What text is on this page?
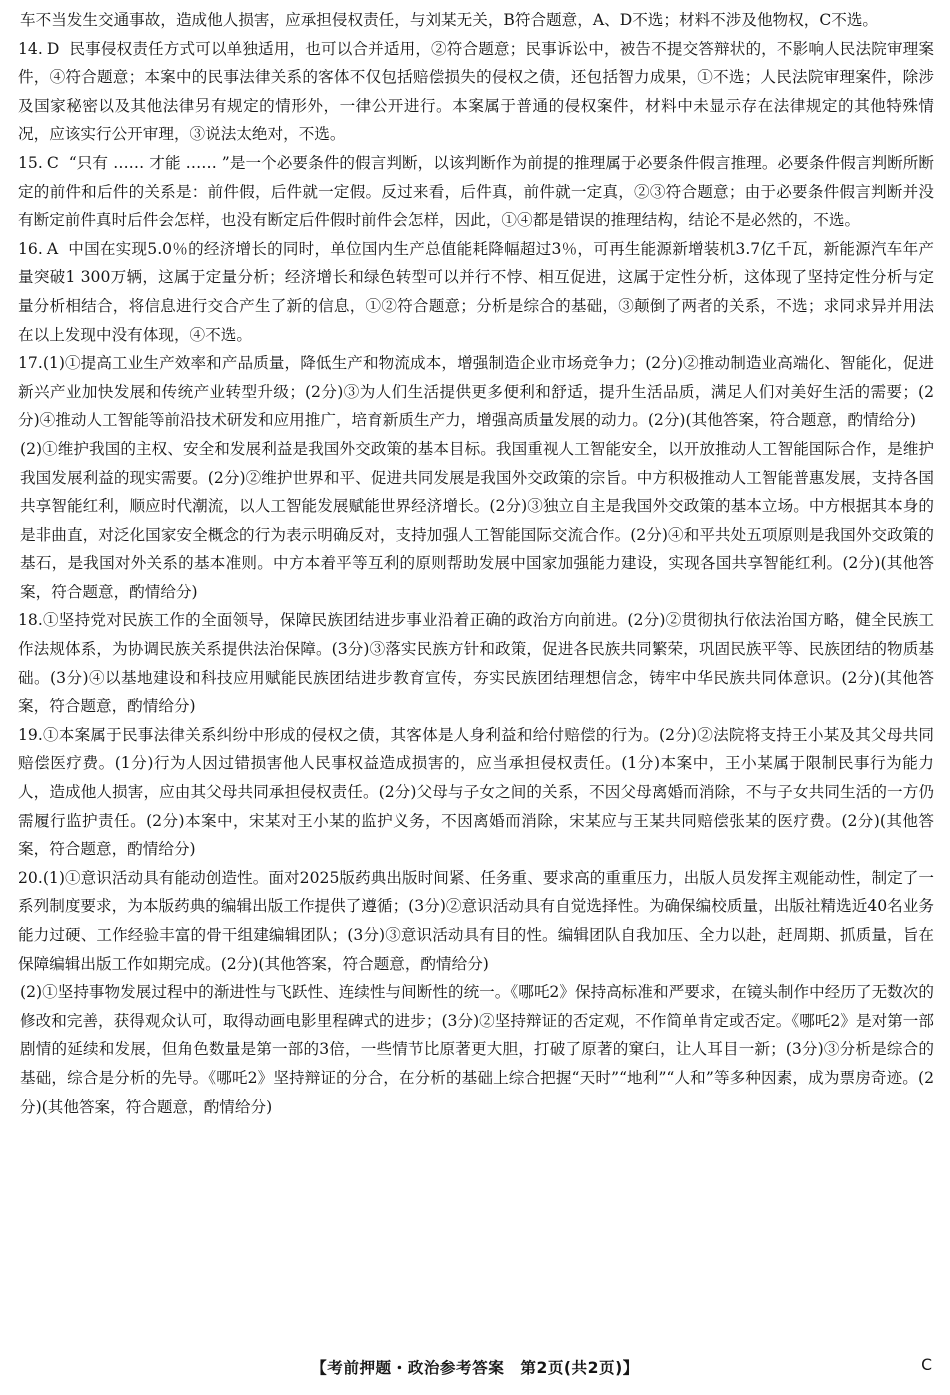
车不当发生交通事故，造成他人损害，应承担侵权责任，与刘某无关，B符合题意，A、D不选；材料不涉及他物权，C不选。

14. D 民事侵权责任方式可以单独适用，也可以合并适用，②符合题意；民事诉讼中，被告不提交答辩状的，不影响人民法院审理案件，④符合题意；本案中的民事法律关系的客体不仅包括赔偿损失的侵权之债，还包括智力成果，①不选；人民法院审理案件，除涉及国家秘密以及其他法律另有规定的情形外，一律公开进行。本案属于普通的侵权案件，材料中未显示存在法律规定的其他特殊情况，应该实行公开审理，③说法太绝对，不选。

15. C “只有 …… 才能 …… ”是一个必要条件的假言判断，以该判断作为前提的推理属于必要条件假言推理。必要条件假言判断所断定的前件和后件的关系是：前件假，后件就一定假。反过来看，后件真，前件就一定真，②③符合题意；由于必要条件假言判断并没有断定前件真时后件会怎样，也没有断定后件假时前件会怎样，因此，①④都是错误的推理结构，结论不是必然的，不选。

16. A 中国在实现5.0％的经济增长的同时，单位国内生产总值能耗降幅超过3％，可再生能源新增装机3.7亿千瓦，新能源汽车年产量突破1 300万辆，这属于定量分析；经济增长和绿色转型可以并行不悖、相互促进，这属于定性分析，这体现了坚持定性分析与定量分析相结合，将信息进行交合产生了新的信息，①②符合题意；分析是综合的基础，③颠倒了两者的关系，不选；求同求异并用法在以上发现中没有体现，④不选。

17.(1)①提高工业生产效率和产品质量，降低生产和物流成本，增强制造企业市场竞争力；(2分)②推动制造业高端化、智能化，促进新兴产业加快发展和传统产业转型升级；(2分)③为人们生活提供更多便利和舒适，提升生活品质，满足人们对美好生活的需要；(2分)④推动人工智能等前沿技术研发和应用推广，培育新质生产力，增强高质量发展的动力。(2分)(其他答案，符合题意，酌情给分)

(2)①维护我国的主权、安全和发展利益是我国外交政策的基本目标。我国重视人工智能安全，以开放推动人工智能国际合作，是维护我国发展利益的现实需要。(2分)②维护世界和平、促进共同发展是我国外交政策的宗旨。中方积极推动人工智能普惠发展，支持各国共享智能红利，顺应时代潮流，以人工智能发展赋能世界经济增长。(2分)③独立自主是我国外交政策的基本立场。中方根据其本身的是非曲直，对泛化国家安全概念的行为表示明确反对，支持加强人工智能国际交流合作。(2分)④和平共处五项原则是我国外交政策的基石，是我国对外关系的基本准则。中方本着平等互利的原则帮助发展中国家加强能力建设，实现各国共享智能红利。(2分)(其他答案，符合题意，酌情给分)

18.①坚持党对民族工作的全面领导，保障民族团结进步事业沿着正确的政治方向前进。(2分)②贯彻执行依法治国方略，健全民族工作法规体系，为协调民族关系提供法治保障。(3分)③落实民族方针和政策，促进各民族共同繁荣，巩固民族平等、民族团结的物质基础。(3分)④以基地建设和科技应用赋能民族团结进步教育宣传，夯实民族团结理想信念，铸牢中华民族共同体意识。(2分)(其他答案，符合题意，酌情给分)

19.①本案属于民事法律关系纠纷中形成的侵权之债，其客体是人身利益和给付赔偿的行为。(2分)②法院将支持王小某及其父母共同赔偿医疗费。(1分)行为人因过错损害他人民事权益造成损害的，应当承担侵权责任。(1分)本案中，王小某属于限制民事行为能力人，造成他人损害，应由其父母共同承担侵权责任。(2分)父母与子女之间的关系，不因父母离婚而消除，不与子女共同生活的一方仍需履行监护责任。(2分)本案中，宋某对王小某的监护义务，不因离婚而消除，宋某应与王某共同赔偿张某的医疗费。(2分)(其他答案，符合题意，酌情给分)

20.(1)①意识活动具有能动创造性。面对2025版药典出版时间紧、任务重、要求高的重重压力，出版人员发挥主观能动性，制定了一系列制度要求，为本版药典的编辑出版工作提供了遵循；(3分)②意识活动具有自觉选择性。为确保编校质量，出版社精选近40名业务能力过硬、工作经验丰富的骨干组建编辑团队；(3分)③意识活动具有目的性。编辑团队自我加压、全力以赴，赶周期、抓质量，旨在保障编辑出版工作如期完成。(2分)(其他答案，符合题意，酌情给分)

(2)①坚持事物发展过程中的渐进性与飞跃性、连续性与间断性的统一。《哪吒2》保持高标准和严要求，在镜头制作中经历了无数次的修改和完善，获得观众认可，取得动画电影里程碑式的进步；(3分)②坚持辩证的否定观，不作简单肯定或否定。《哪吒2》是对第一部剧情的延续和发展，但角色数量是第一部的3倍，一些情节比原著更大胆，打破了原著的窠臼，让人耳目一新；(3分)③分析是综合的基础，综合是分析的先导。《哪吒2》坚持辩证的分合，在分析的基础上综合把握“天时”“地利”“人和”等多种因素，成为票房奇迹。(2分)(其他答案，符合题意，酌情给分)

【考前押题・政治参考答案　第2页(共2页)】	C
